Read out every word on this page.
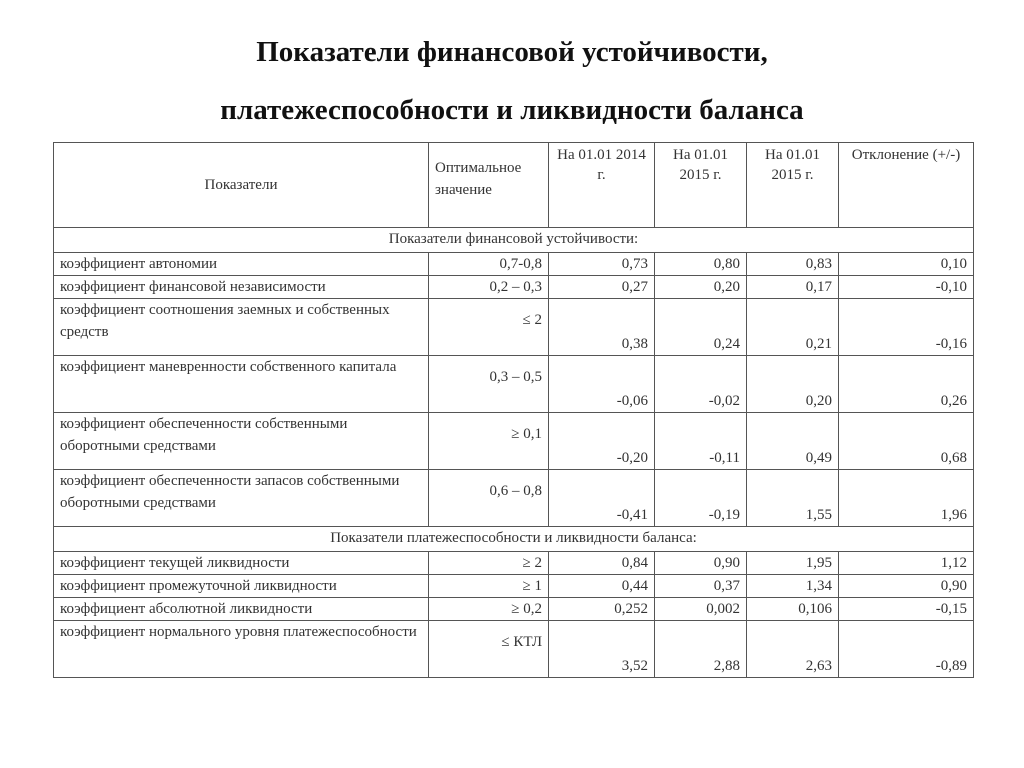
Показатели финансовой устойчивости,
платежеспособности и ликвидности баланса
Показатели	Оптимальное значение	На 01.01 2014 г.	На 01.01 2015 г.	На 01.01 2015 г.	Отклонение (+/-)
Показатели финансовой устойчивости:					
коэффициент автономии	0,7-0,8	0,73	0,80	0,83	0,10
коэффициент финансовой независимости	0,2 – 0,3	0,27	0,20	0,17	-0,10
коэффициент соотношения заемных и собственных средств	≤ 2	0,38	0,24	0,21	-0,16
коэффициент маневренности собственного капитала	0,3 – 0,5	-0,06	-0,02	0,20	0,26
коэффициент обеспеченности собственными оборотными средствами	≥ 0,1	-0,20	-0,11	0,49	0,68
коэффициент обеспеченности запасов собственными оборотными средствами	0,6 – 0,8	-0,41	-0,19	1,55	1,96
Показатели платежеспособности и ликвидности баланса:					
коэффициент текущей ликвидности	≥ 2	0,84	0,90	1,95	1,12
коэффициент промежуточной ликвидности	≥ 1	0,44	0,37	1,34	0,90
коэффициент абсолютной ликвидности	≥ 0,2	0,252	0,002	0,106	-0,15
коэффициент нормального уровня платежеспособности	≤ КТЛ	3,52	2,88	2,63	-0,89
